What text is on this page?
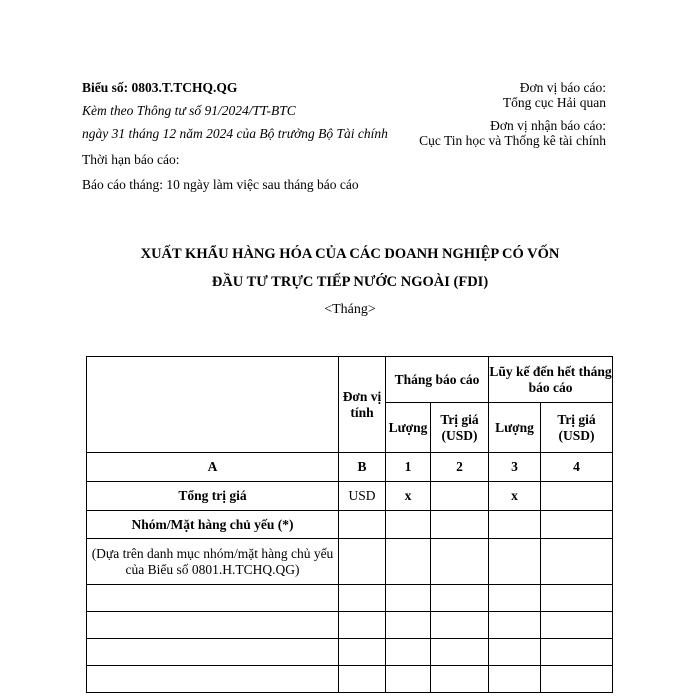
Biểu số: 0803.T.TCHQ.QG
Kèm theo Thông tư số 91/2024/TT-BTC
ngày 31 tháng 12 năm 2024 của Bộ trưởng Bộ Tài chính
Thời hạn báo cáo:
Báo cáo tháng: 10 ngày làm việc sau tháng báo cáo
Đơn vị báo cáo:
Tổng cục Hải quan
Đơn vị nhận báo cáo:
Cục Tin học và Thống kê tài chính
XUẤT KHẨU HÀNG HÓA CỦA CÁC DOANH NGHIỆP CÓ VỐN
ĐẦU TƯ TRỰC TIẾP NƯỚC NGOÀI (FDI)
<Tháng>
	Đơn vị tính	Tháng báo cáo		Lũy kế đến hết tháng báo cáo	
		Lượng	Trị giá (USD)	Lượng	Trị giá (USD)
A	B	1	2	3	4
Tổng trị giá	USD	x		x	
Nhóm/Mặt hàng chủ yếu (*)					
(Dựa trên danh mục nhóm/mặt hàng chủ yếu của Biểu số 0801.H.TCHQ.QG)					
